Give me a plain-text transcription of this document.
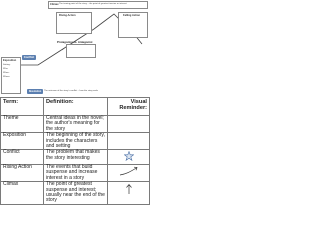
Climax The turning point of the story – the point of greatest tension or interest
Falling Action
Rising Action
Protagonist vs. Antagonist
Conflict
Exposition
Setting:
Who:
When:
Where:
Resolution	The outcome of the story's conflict – how the story ends
Term:	Definition:	Visual Reminder:
Theme	Central ideas in the novel; the author's meaning for the story	
Exposition	The beginning of the story, includes the characters and setting	
Conflict	The problem that makes the story interesting	

Rising Action	The events that build suspense and increase interest in a story	

Climax	The point of greatest suspense and interest; usually near the end of the story	
